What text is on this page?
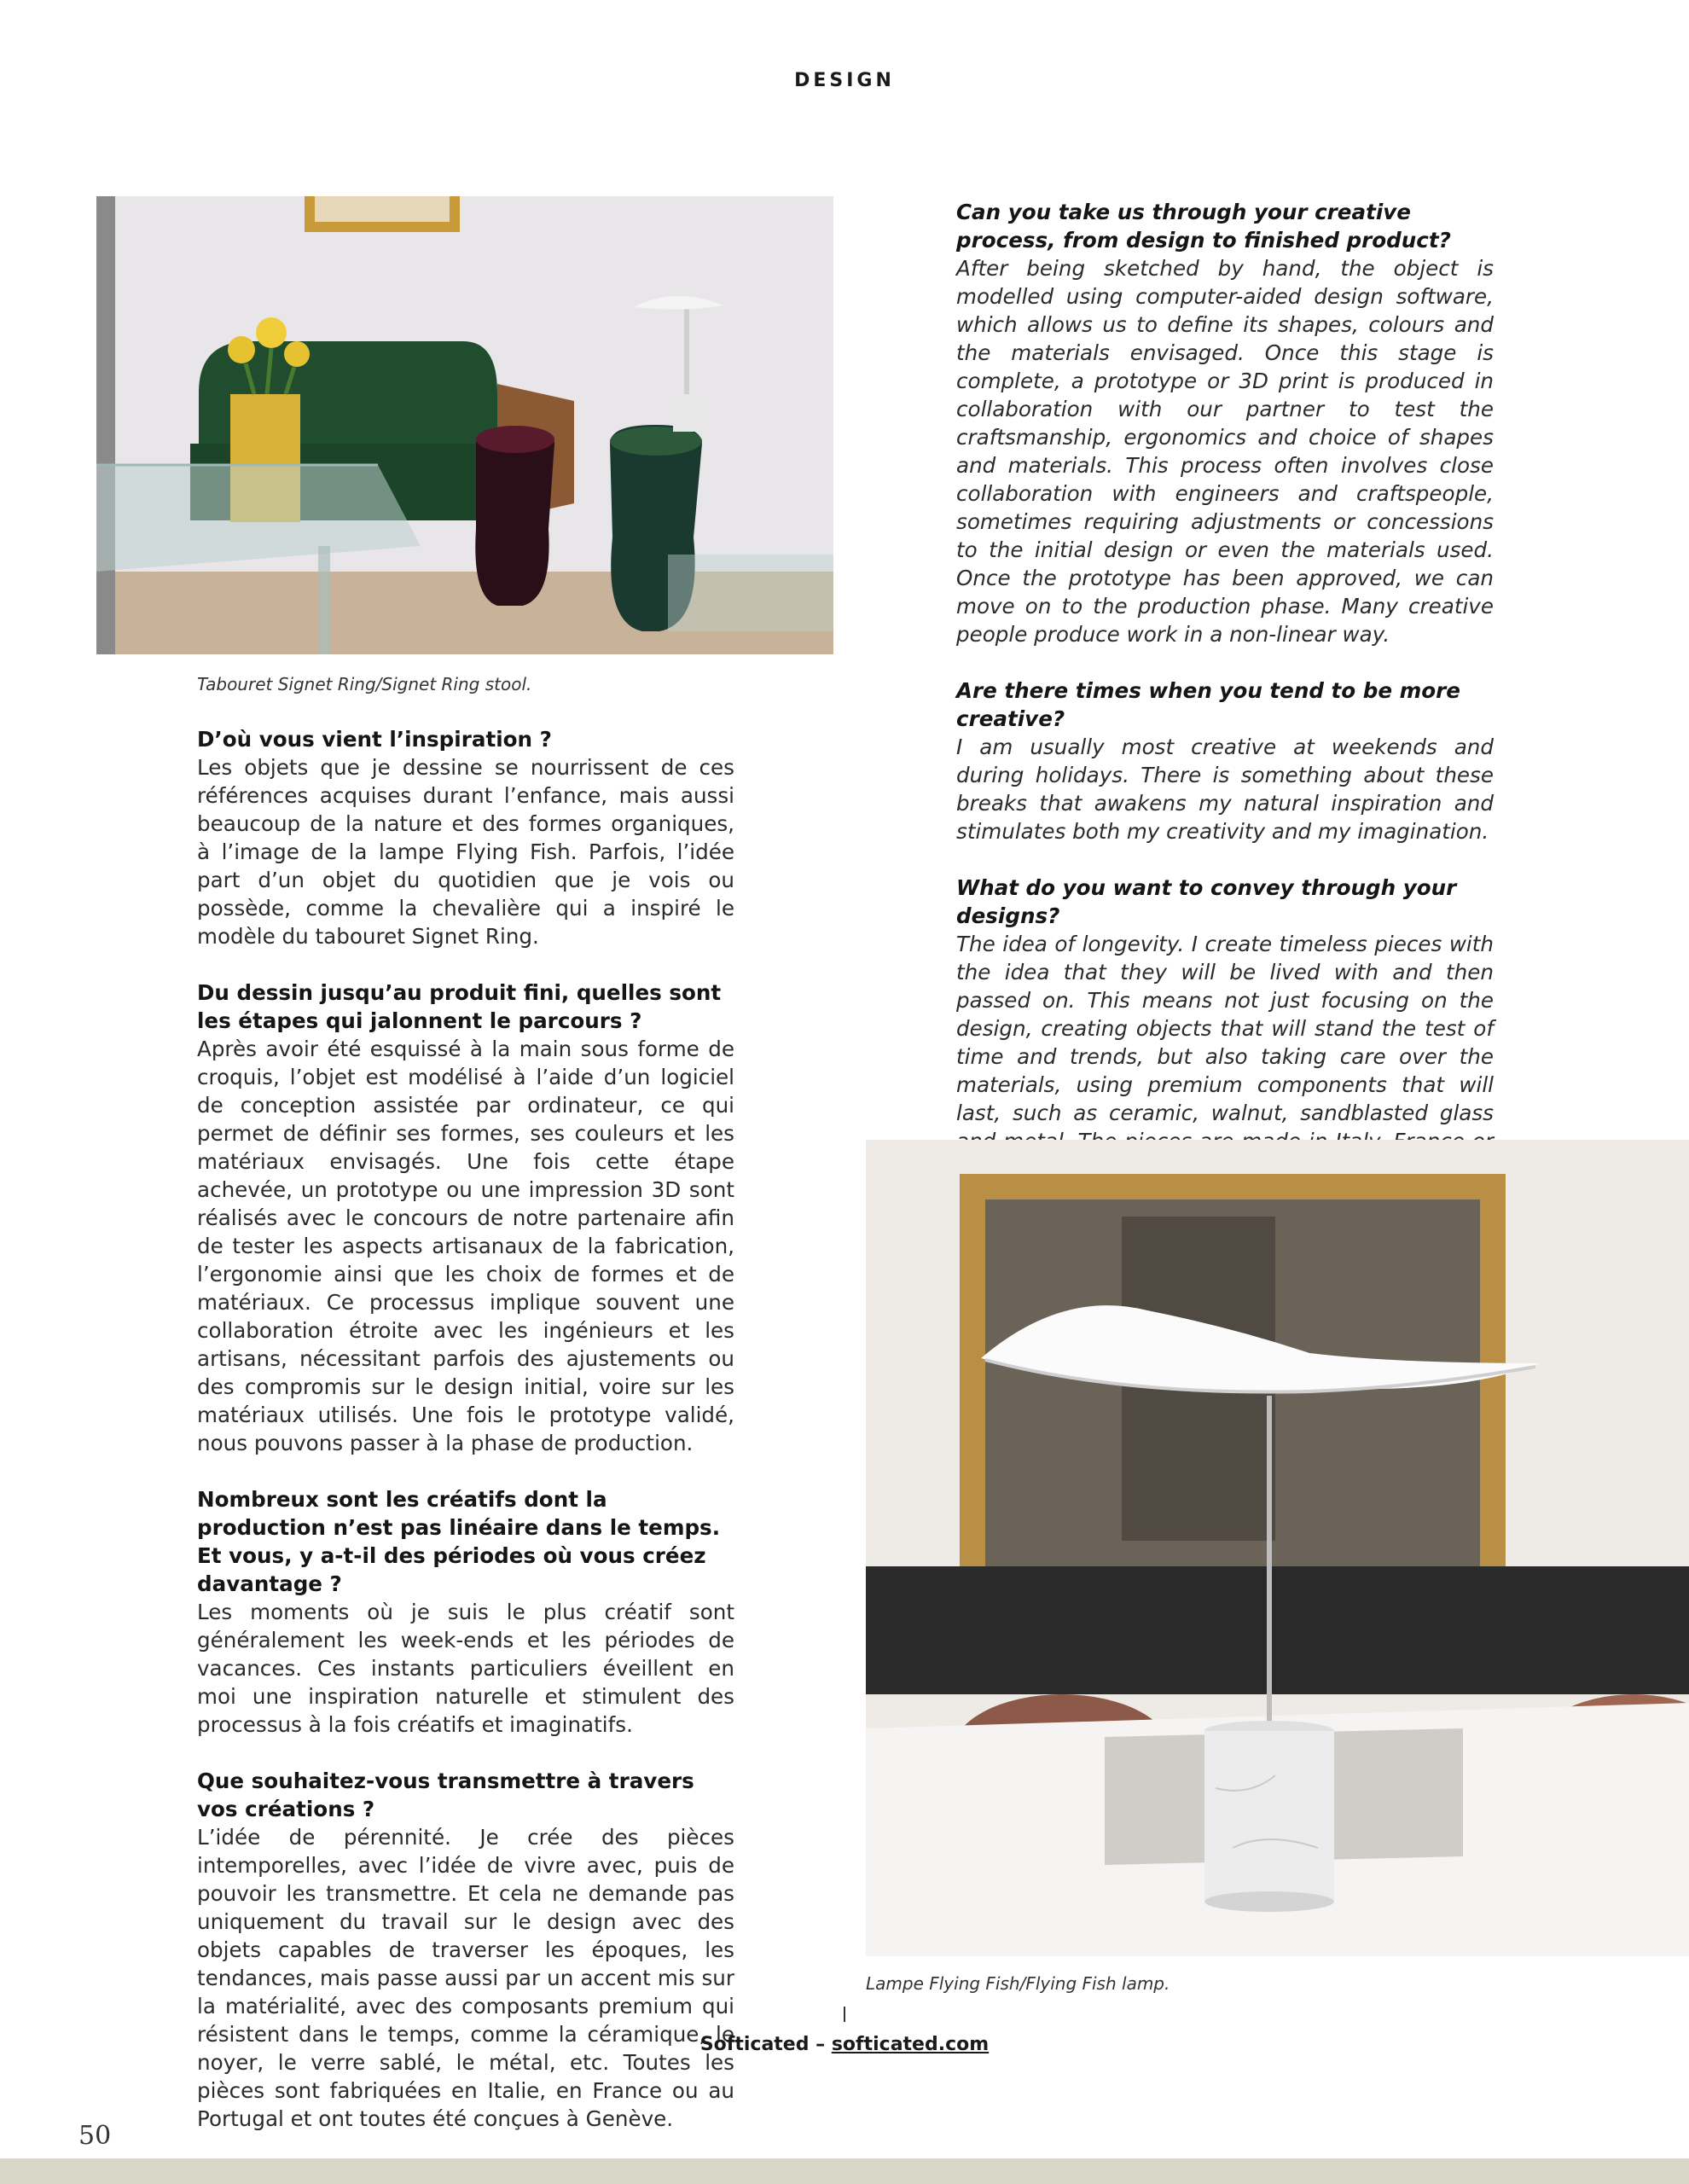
DESIGN
Tabouret Signet Ring/Signet Ring stool.
D’où vous vient l’inspiration ?

Les objets que je dessine se nourrissent de ces références acquises durant l’enfance, mais aussi beaucoup de la nature et des formes organiques, à l’image de la lampe Flying Fish. Parfois, l’idée part d’un objet du quotidien que je vois ou possède, comme la chevalière qui a inspiré le modèle du tabouret Signet Ring.

Du dessin jusqu’au produit fini, quelles sont les étapes qui jalonnent le parcours ?

Après avoir été esquissé à la main sous forme de croquis, l’objet est modélisé à l’aide d’un logiciel de conception assistée par ordinateur, ce qui permet de définir ses formes, ses couleurs et les matériaux envisagés. Une fois cette étape achevée, un prototype ou une impression 3D sont réalisés avec le concours de notre partenaire afin de tester les aspects artisanaux de la fabrication, l’ergonomie ainsi que les choix de formes et de matériaux. Ce processus implique souvent une collaboration étroite avec les ingénieurs et les artisans, nécessitant parfois des ajustements ou des compromis sur le design initial, voire sur les matériaux utilisés. Une fois le prototype validé, nous pouvons passer à la phase de production.

Nombreux sont les créatifs dont la production n’est pas linéaire dans le temps. Et vous, y a-t-il des périodes où vous créez davantage ?

Les moments où je suis le plus créatif sont généralement les week-ends et les périodes de vacances. Ces instants particuliers éveillent en moi une inspiration naturelle et stimulent des processus à la fois créatifs et imaginatifs.

Que souhaitez-vous transmettre à travers vos créations ?

L’idée de pérennité. Je crée des pièces intemporelles, avec l’idée de vivre avec, puis de pouvoir les transmettre. Et cela ne demande pas uniquement du travail sur le design avec des objets capables de traverser les époques, les tendances, mais passe aussi par un accent mis sur la matérialité, avec des composants premium qui résistent dans le temps, comme la céramique, le noyer, le verre sablé, le métal, etc. Toutes les pièces sont fabriquées en Italie, en France ou au Portugal et ont toutes été conçues à Genève.

Can you take us through your creative process, from design to finished product?

After being sketched by hand, the object is modelled using computer-aided design software, which allows us to define its shapes, colours and the materials envisaged. Once this stage is complete, a prototype or 3D print is produced in collaboration with our partner to test the craftsmanship, ergonomics and choice of shapes and materials. This process often involves close collaboration with engineers and craftspeople, sometimes requiring adjustments or concessions to the initial design or even the materials used. Once the prototype has been approved, we can move on to the production phase. Many creative people produce work in a non-linear way.

Are there times when you tend to be more creative?

I am usually most creative at weekends and during holidays. There is something about these breaks that awakens my natural inspiration and stimulates both my creativity and my imagination.

What do you want to convey through your designs?

The idea of longevity. I create timeless pieces with the idea that they will be lived with and then passed on. This means not just focusing on the design, creating objects that will stand the test of time and trends, but also taking care over the materials, using premium components that will last, such as ceramic, walnut, sandblasted glass

Lampe Flying Fish/Flying Fish lamp.
Softicated – softicated.com
50
